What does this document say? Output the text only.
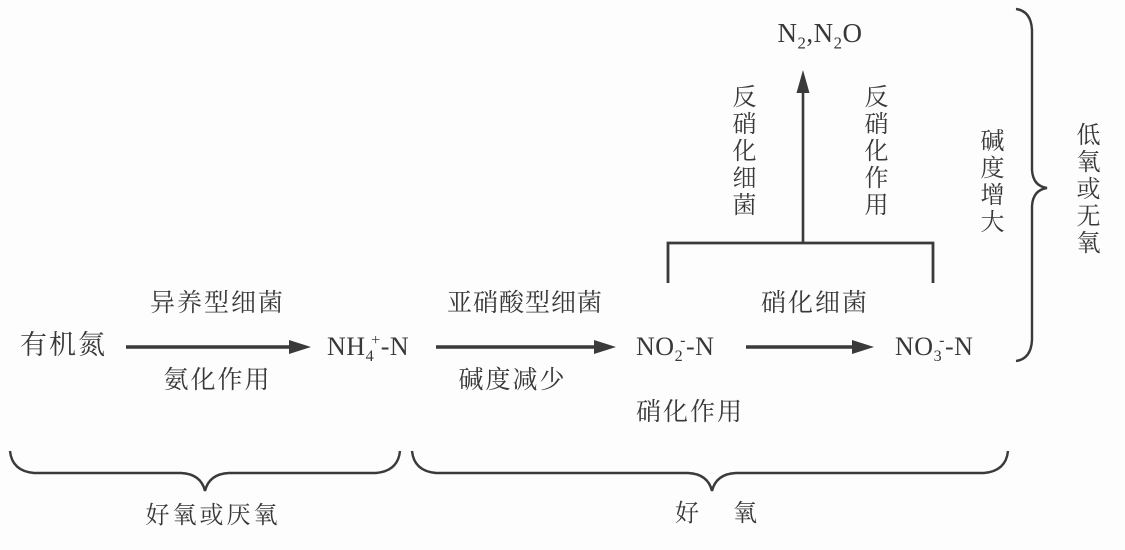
$N_2,N_2O$
反硝化细菌	反硝化作用	碱度增大	低氧或无氧
有机氮
异养型细菌
氨化作用
$NH_4^+-N$
亚硝酸型细菌
碱度减少
$NO_2^--N$
硝化细菌
硝化作用
$NO_3^--N$
好氧或厌氧	好 氧
